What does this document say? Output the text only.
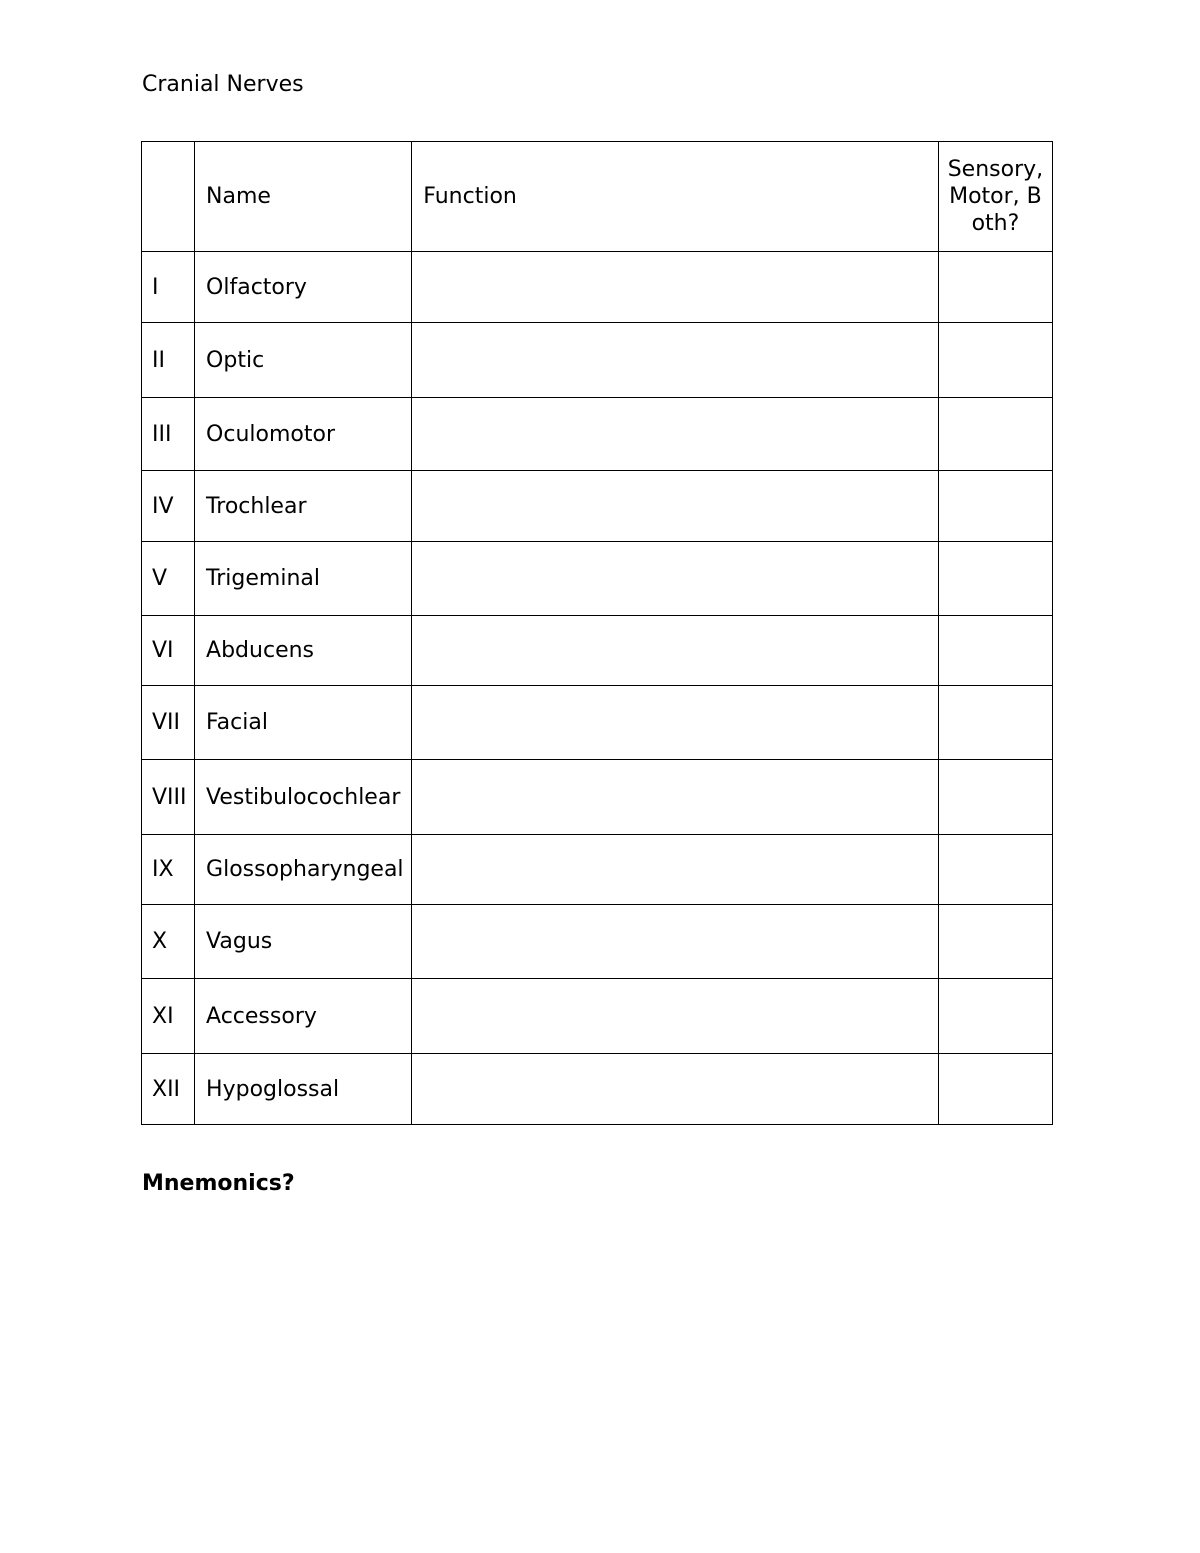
Cranial Nerves
	Name	Function	Sensory, Motor, Both?
I	Olfactory		
II	Optic		
III	Oculomotor		
IV	Trochlear		
V	Trigeminal		
VI	Abducens		
VII	Facial		
VIII	Vestibulocochlear		
IX	Glossopharyngeal		
X	Vagus		
XI	Accessory		
XII	Hypoglossal		
Mnemonics?
